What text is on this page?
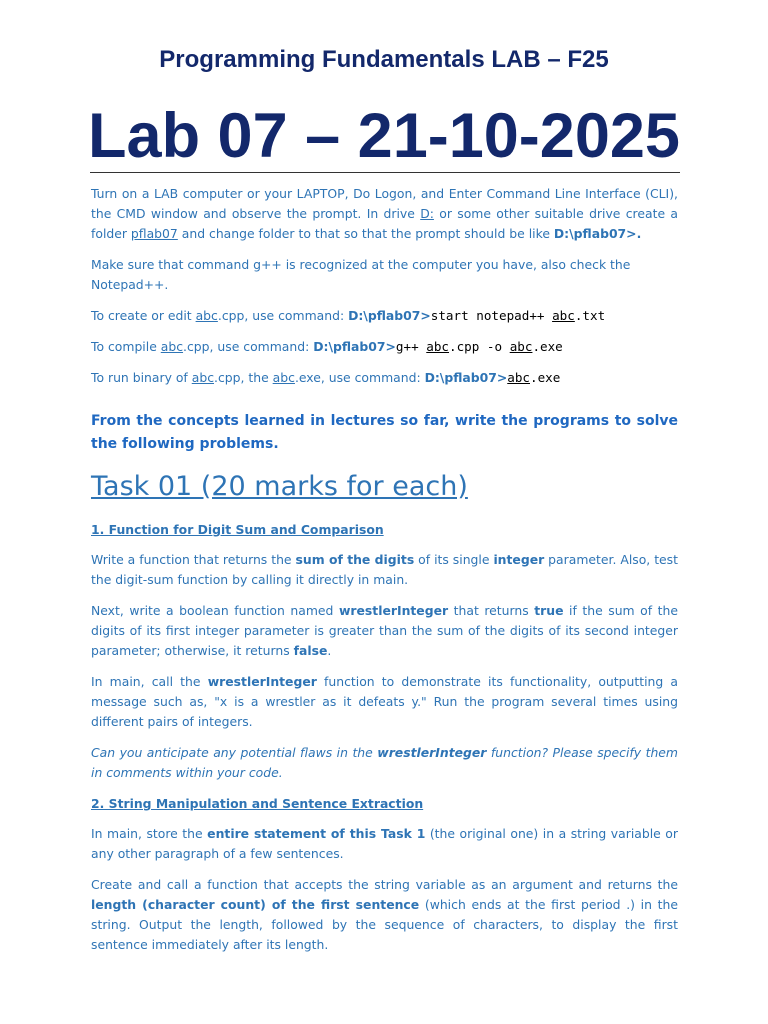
Programming Fundamentals LAB – F25
Lab 07 – 21-10-2025

Turn on a LAB computer or your LAPTOP, Do Logon, and Enter Command Line Interface (CLI), the CMD window and observe the prompt. In drive D: or some other suitable drive create a folder pflab07 and change folder to that so that the prompt should be like D:\pflab07>.

Make sure that command g++ is recognized at the computer you have, also check the Notepad++.

To create or edit abc.cpp, use command: D:\pflab07>start notepad++ abc.txt

To compile abc.cpp, use command: D:\pflab07>g++ abc.cpp -o abc.exe

To run binary of abc.cpp, the abc.exe, use command: D:\pflab07>abc.exe

From the concepts learned in lectures so far, write the programs to solve the following problems.

Task 01 (20 marks for each)

1. Function for Digit Sum and Comparison

Write a function that returns the sum of the digits of its single integer parameter. Also, test the digit-sum function by calling it directly in main.

Next, write a boolean function named wrestlerInteger that returns true if the sum of the digits of its first integer parameter is greater than the sum of the digits of its second integer parameter; otherwise, it returns false.

In main, call the wrestlerInteger function to demonstrate its functionality, outputting a message such as, "x is a wrestler as it defeats y." Run the program several times using different pairs of integers.

Can you anticipate any potential flaws in the wrestlerInteger function? Please specify them in comments within your code.

2. String Manipulation and Sentence Extraction

In main, store the entire statement of this Task 1 (the original one) in a string variable or any other paragraph of a few sentences.

Create and call a function that accepts the string variable as an argument and returns the length (character count) of the first sentence (which ends at the first period .) in the string. Output the length, followed by the sequence of characters, to display the first sentence immediately after its length.
